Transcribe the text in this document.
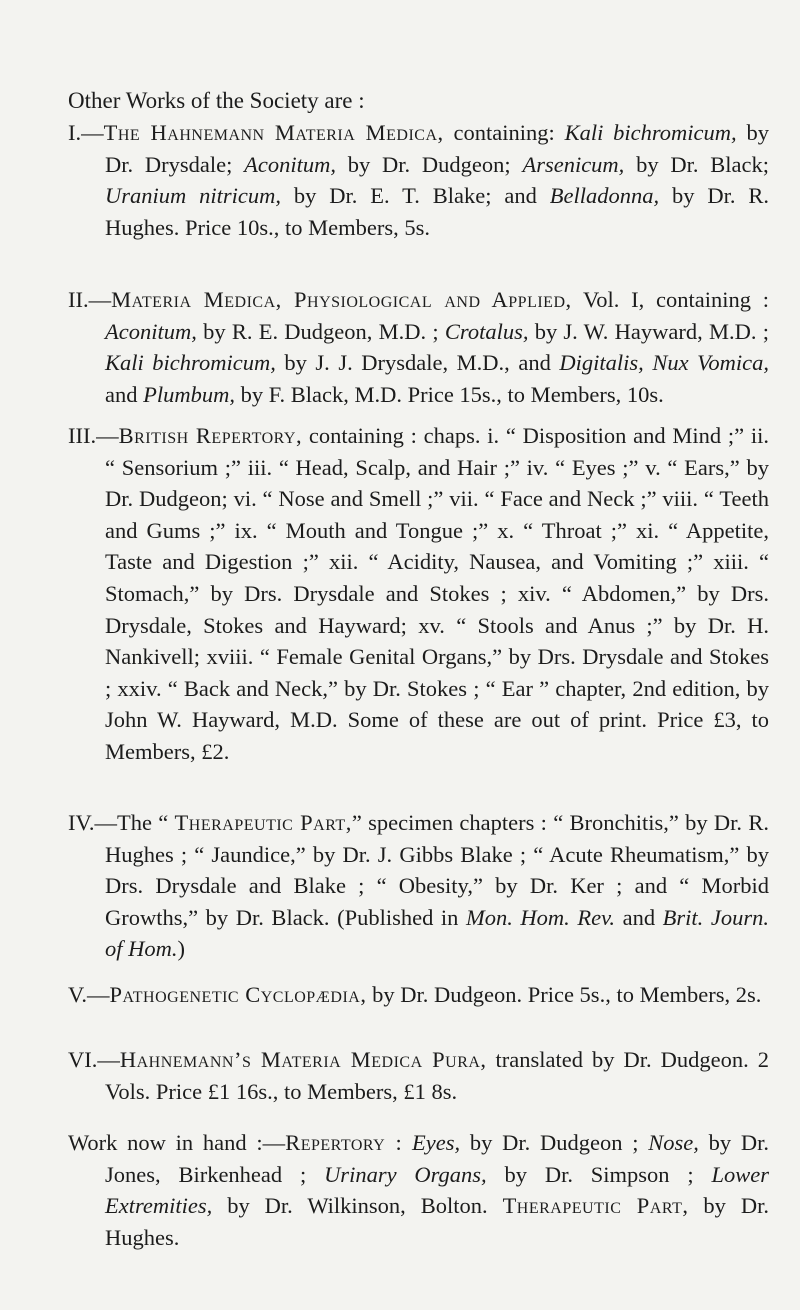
Other Works of the Society are :
I.—The Hahnemann Materia Medica, containing: Kali bichromicum, by Dr. Drysdale; Aconitum, by Dr. Dudgeon; Arsenicum, by Dr. Black; Uranium nitricum, by Dr. E. T. Blake; and Belladonna, by Dr. R. Hughes. Price 10s., to Members, 5s.
II.—Materia Medica, Physiological and Applied, Vol. I, containing : Aconitum, by R. E. Dudgeon, M.D. ; Crotalus, by J. W. Hayward, M.D. ; Kali bichromicum, by J. J. Drysdale, M.D., and Digitalis, Nux Vomica, and Plumbum, by F. Black, M.D. Price 15s., to Members, 10s.
III.—British Repertory, containing : chaps. i. “ Disposition and Mind ;” ii. “ Sensorium ;” iii. “ Head, Scalp, and Hair ;” iv. “ Eyes ;” v. “ Ears,” by Dr. Dudgeon; vi. “ Nose and Smell ;” vii. “ Face and Neck ;” viii. “ Teeth and Gums ;” ix. “ Mouth and Tongue ;” x. “ Throat ;” xi. “ Appetite, Taste and Digestion ;” xii. “ Acidity, Nausea, and Vomiting ;” xiii. “ Stomach,” by Drs. Drysdale and Stokes ; xiv. “ Abdomen,” by Drs. Drysdale, Stokes and Hayward; xv. “ Stools and Anus ;” by Dr. H. Nankivell; xviii. “ Female Genital Organs,” by Drs. Drysdale and Stokes ; xxiv. “ Back and Neck,” by Dr. Stokes ; “ Ear ” chapter, 2nd edition, by John W. Hayward, M.D. Some of these are out of print. Price £3, to Members, £2.
IV.—The “ Therapeutic Part,” specimen chapters : “ Bronchitis,” by Dr. R. Hughes ; “ Jaundice,” by Dr. J. Gibbs Blake ; “ Acute Rheumatism,” by Drs. Drysdale and Blake ; “ Obesity,” by Dr. Ker ; and “ Morbid Growths,” by Dr. Black. (Published in Mon. Hom. Rev. and Brit. Journ. of Hom.)
V.—Pathogenetic Cyclopædia, by Dr. Dudgeon. Price 5s., to Members, 2s.
VI.—Hahnemann’s Materia Medica Pura, translated by Dr. Dudgeon. 2 Vols. Price £1 16s., to Members, £1 8s.
Work now in hand :—Repertory : Eyes, by Dr. Dudgeon ; Nose, by Dr. Jones, Birkenhead ; Urinary Organs, by Dr. Simpson ; Lower Extremities, by Dr. Wilkinson, Bolton. Therapeutic Part, by Dr. Hughes.
